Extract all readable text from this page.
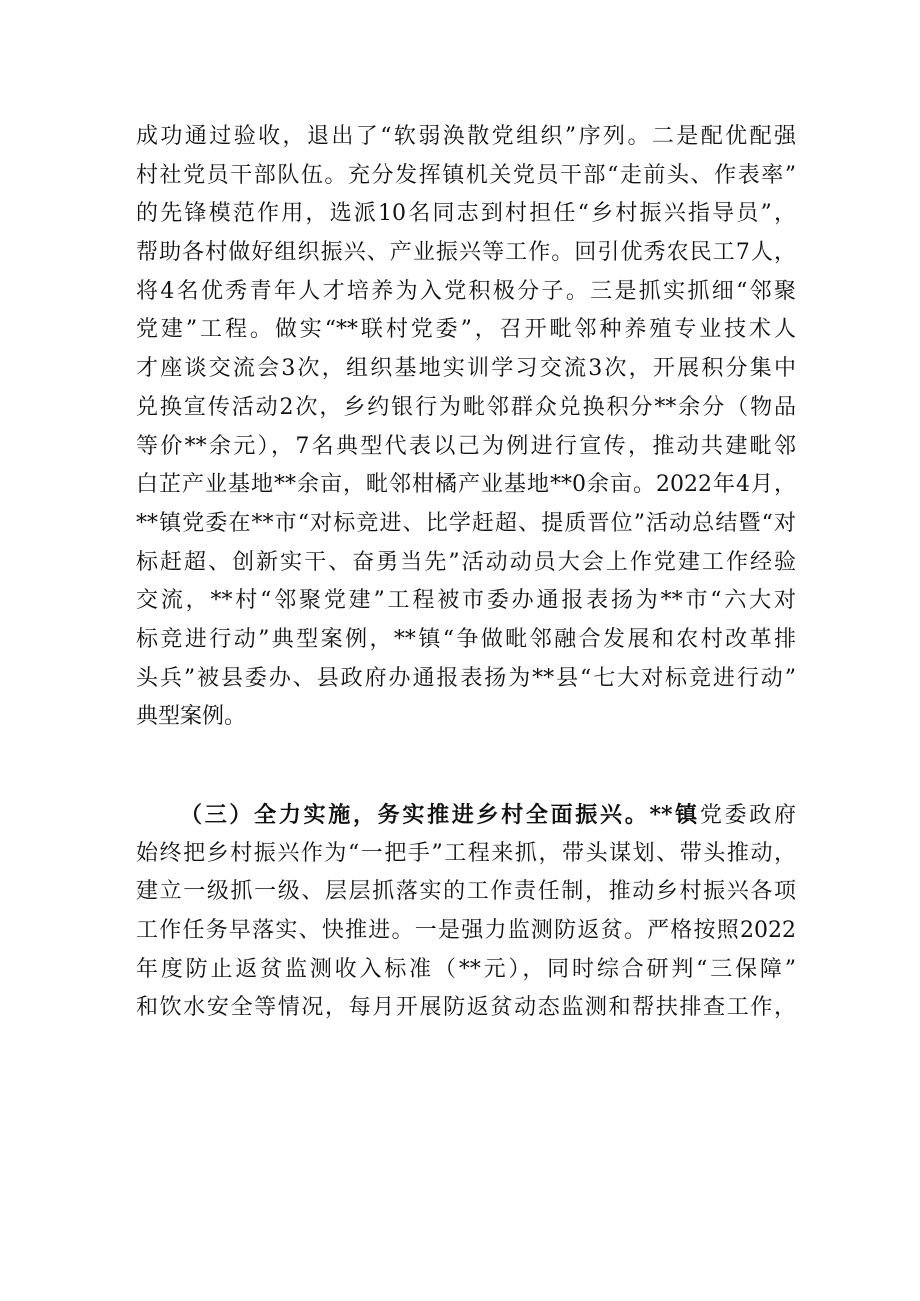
成功通过验收，退出了“软弱涣散党组织”序列。二是配优配强
村社党员干部队伍。充分发挥镇机关党员干部“走前头、作表率”
的先锋模范作用，选派10名同志到村担任“乡村振兴指导员”，
帮助各村做好组织振兴、产业振兴等工作。回引优秀农民工7人，
将4名优秀青年人才培养为入党积极分子。三是抓实抓细“邻聚
党建”工程。做实“**联村党委”，召开毗邻种养殖专业技术人
才座谈交流会3次，组织基地实训学习交流3次，开展积分集中
兑换宣传活动2次，乡约银行为毗邻群众兑换积分**余分（物品
等价**余元），7名典型代表以己为例进行宣传，推动共建毗邻
白芷产业基地**余亩，毗邻柑橘产业基地**0余亩。2022年4月，
**镇党委在**市“对标竞进、比学赶超、提质晋位”活动总结暨“对
标赶超、创新实干、奋勇当先”活动动员大会上作党建工作经验
交流，**村“邻聚党建”工程被市委办通报表扬为**市“六大对
标竞进行动”典型案例，**镇“争做毗邻融合发展和农村改革排
头兵”被县委办、县政府办通报表扬为**县“七大对标竞进行动”
典型案例。
（三）全力实施，务实推进乡村全面振兴。**镇党委政府
始终把乡村振兴作为“一把手”工程来抓，带头谋划、带头推动，
建立一级抓一级、层层抓落实的工作责任制，推动乡村振兴各项
工作任务早落实、快推进。一是强力监测防返贫。严格按照2022
年度防止返贫监测收入标准（**元），同时综合研判“三保障”
和饮水安全等情况，每月开展防返贫动态监测和帮扶排查工作，
